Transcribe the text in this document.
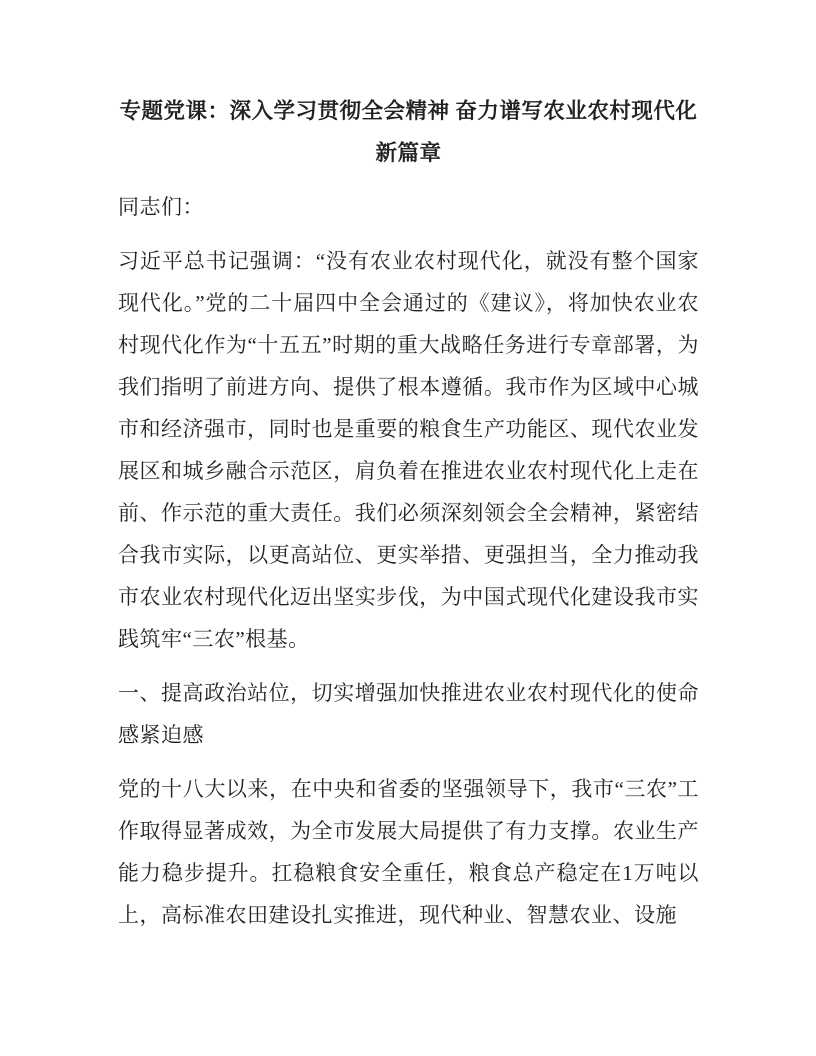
专题党课：深入学习贯彻全会精神 奋力谱写农业农村现代化
新篇章

同志们：

习近平总书记强调：“没有农业农村现代化，就没有整个国家现代化。”党的二十届四中全会通过的《建议》，将加快农业农村现代化作为“十五五”时期的重大战略任务进行专章部署，为我们指明了前进方向、提供了根本遵循。我市作为区域中心城市和经济强市，同时也是重要的粮食生产功能区、现代农业发展区和城乡融合示范区，肩负着在推进农业农村现代化上走在前、作示范的重大责任。我们必须深刻领会全会精神，紧密结合我市实际，以更高站位、更实举措、更强担当，全力推动我市农业农村现代化迈出坚实步伐，为中国式现代化建设我市实践筑牢“三农”根基。

一、提高政治站位，切实增强加快推进农业农村现代化的使命感紧迫感

党的十八大以来，在中央和省委的坚强领导下，我市“三农”工作取得显著成效，为全市发展大局提供了有力支撑。农业生产能力稳步提升。扛稳粮食安全重任，粮食总产稳定在1万吨以上，高标准农田建设扎实推进，现代种业、智慧农业、设施
